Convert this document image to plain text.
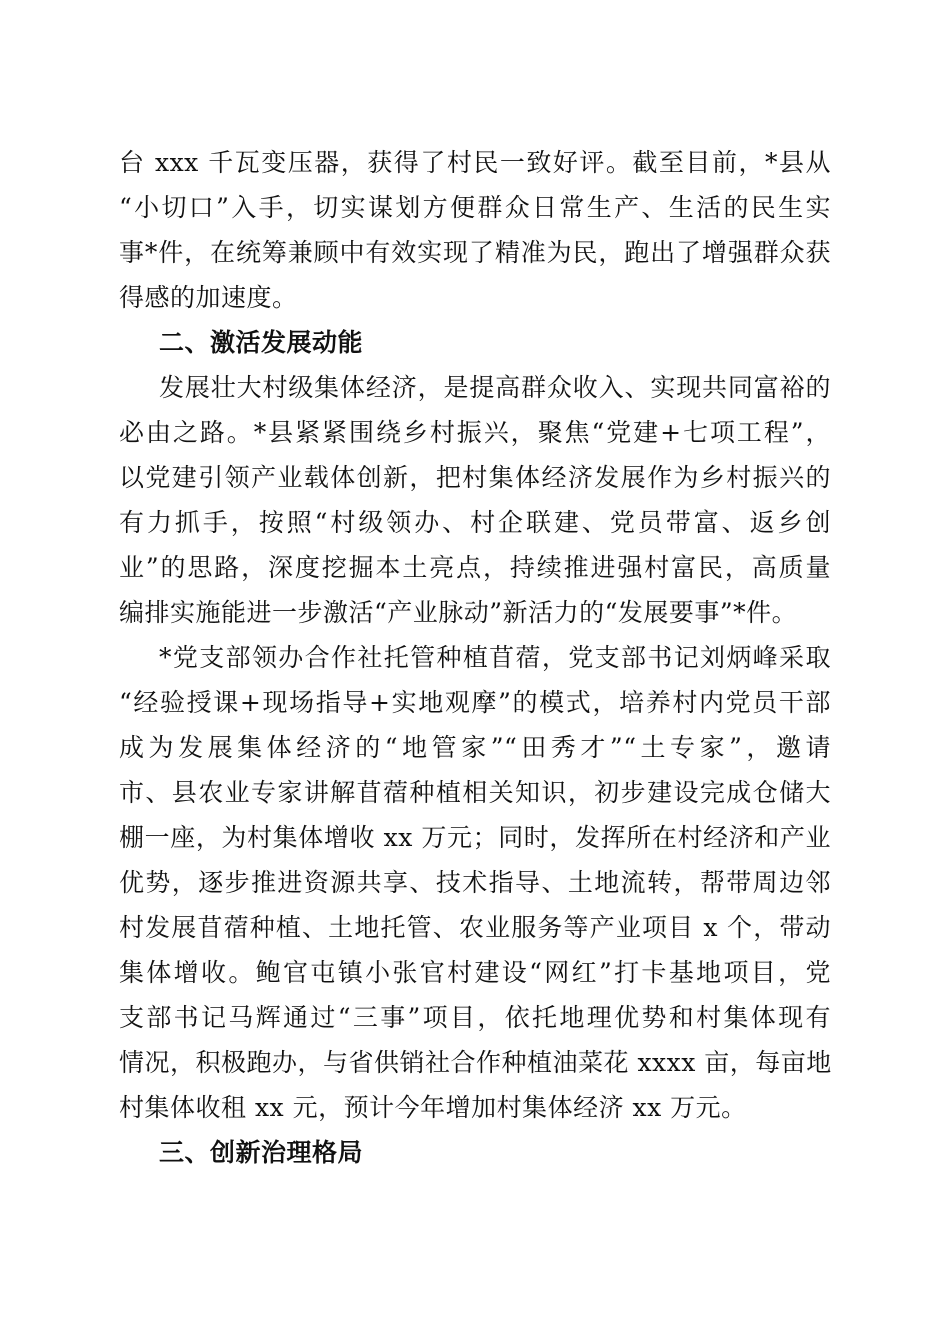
台 xxx 千瓦变压器，获得了村民一致好评。截至目前，*县从
“小切口”入手，切实谋划方便群众日常生产、生活的民生实
事*件，在统筹兼顾中有效实现了精准为民，跑出了增强群众获
得感的加速度。
二、激活发展动能
发展壮大村级集体经济，是提高群众收入、实现共同富裕的
必由之路。*县紧紧围绕乡村振兴，聚焦“党建+七项工程”，
以党建引领产业载体创新，把村集体经济发展作为乡村振兴的
有力抓手，按照“村级领办、村企联建、党员带富、返乡创
业”的思路，深度挖掘本土亮点，持续推进强村富民，高质量
编排实施能进一步激活“产业脉动”新活力的“发展要事”*件。
*党支部领办合作社托管种植苜蓿，党支部书记刘炳峰采取
“经验授课+现场指导+实地观摩”的模式，培养村内党员干部
成为发展集体经济的“地管家”“田秀才”“土专家”，邀请
市、县农业专家讲解苜蓿种植相关知识，初步建设完成仓储大
棚一座，为村集体增收 xx 万元；同时，发挥所在村经济和产业
优势，逐步推进资源共享、技术指导、土地流转，帮带周边邻
村发展苜蓿种植、土地托管、农业服务等产业项目 x 个，带动
集体增收。鲍官屯镇小张官村建设“网红”打卡基地项目，党
支部书记马辉通过“三事”项目，依托地理优势和村集体现有
情况，积极跑办，与省供销社合作种植油菜花 xxxx 亩，每亩地
村集体收租 xx 元，预计今年增加村集体经济 xx 万元。
三、创新治理格局
